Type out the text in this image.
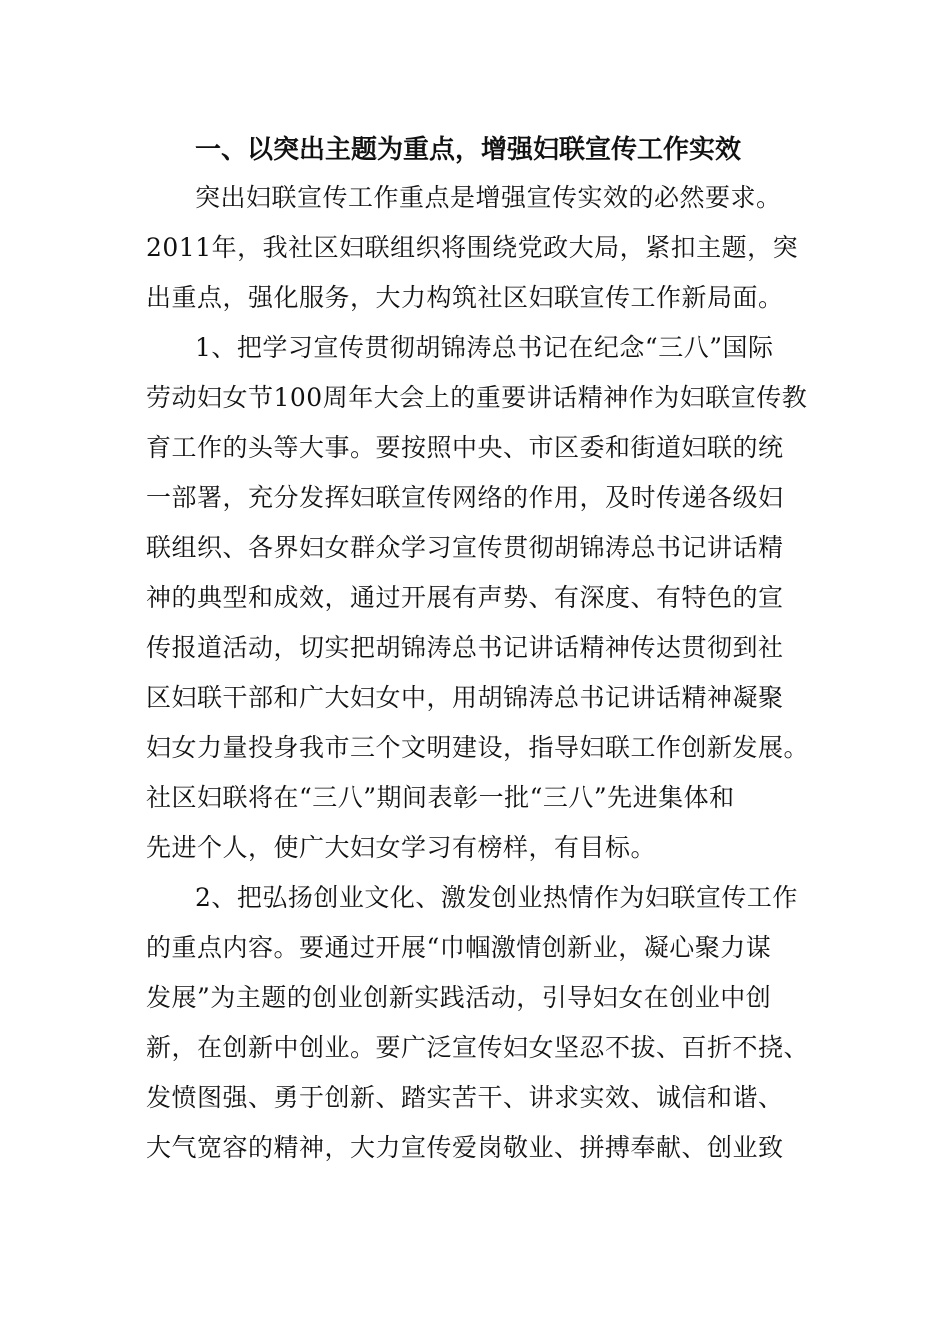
一、以突出主题为重点，增强妇联宣传工作实效
突出妇联宣传工作重点是增强宣传实效的必然要求。
2011年，我社区妇联组织将围绕党政大局，紧扣主题，突
出重点，强化服务，大力构筑社区妇联宣传工作新局面。
1、把学习宣传贯彻胡锦涛总书记在纪念“三八”国际
劳动妇女节100周年大会上的重要讲话精神作为妇联宣传教
育工作的头等大事。要按照中央、市区委和街道妇联的统
一部署，充分发挥妇联宣传网络的作用，及时传递各级妇
联组织、各界妇女群众学习宣传贯彻胡锦涛总书记讲话精
神的典型和成效，通过开展有声势、有深度、有特色的宣
传报道活动，切实把胡锦涛总书记讲话精神传达贯彻到社
区妇联干部和广大妇女中，用胡锦涛总书记讲话精神凝聚
妇女力量投身我市三个文明建设，指导妇联工作创新发展。
社区妇联将在“三八”期间表彰一批“三八”先进集体和
先进个人，使广大妇女学习有榜样，有目标。
2、把弘扬创业文化、激发创业热情作为妇联宣传工作
的重点内容。要通过开展“巾帼激情创新业，凝心聚力谋
发展”为主题的创业创新实践活动，引导妇女在创业中创
新，在创新中创业。要广泛宣传妇女坚忍不拔、百折不挠、
发愤图强、勇于创新、踏实苦干、讲求实效、诚信和谐、
大气宽容的精神，大力宣传爱岗敬业、拼搏奉献、创业致
